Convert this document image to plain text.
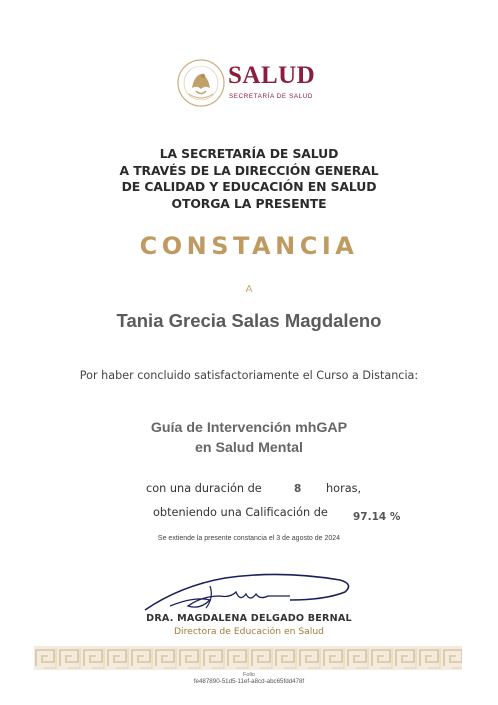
SALUD
SECRETARÍA DE SALUD
LA SECRETARÍA DE SALUD
A TRAVÉS DE LA DIRECCIÓN GENERAL
DE CALIDAD Y EDUCACIÓN EN SALUD
OTORGA LA PRESENTE
CONSTANCIA
A
Tania Grecia Salas Magdaleno
Por haber concluido satisfactoriamente el Curso a Distancia:
Guía de Intervención mhGAP
en Salud Mental
con una duración de	8 horas,
obteniendo una Calificación de 97.14 %
Se extiende la presente constancia el 3 de agosto de 2024
DRA. MAGDALENA DELGADO BERNAL
Directora de Educación en Salud
Folio
fe487890-51d5-11ef-a8cd-abc65fdd478f
